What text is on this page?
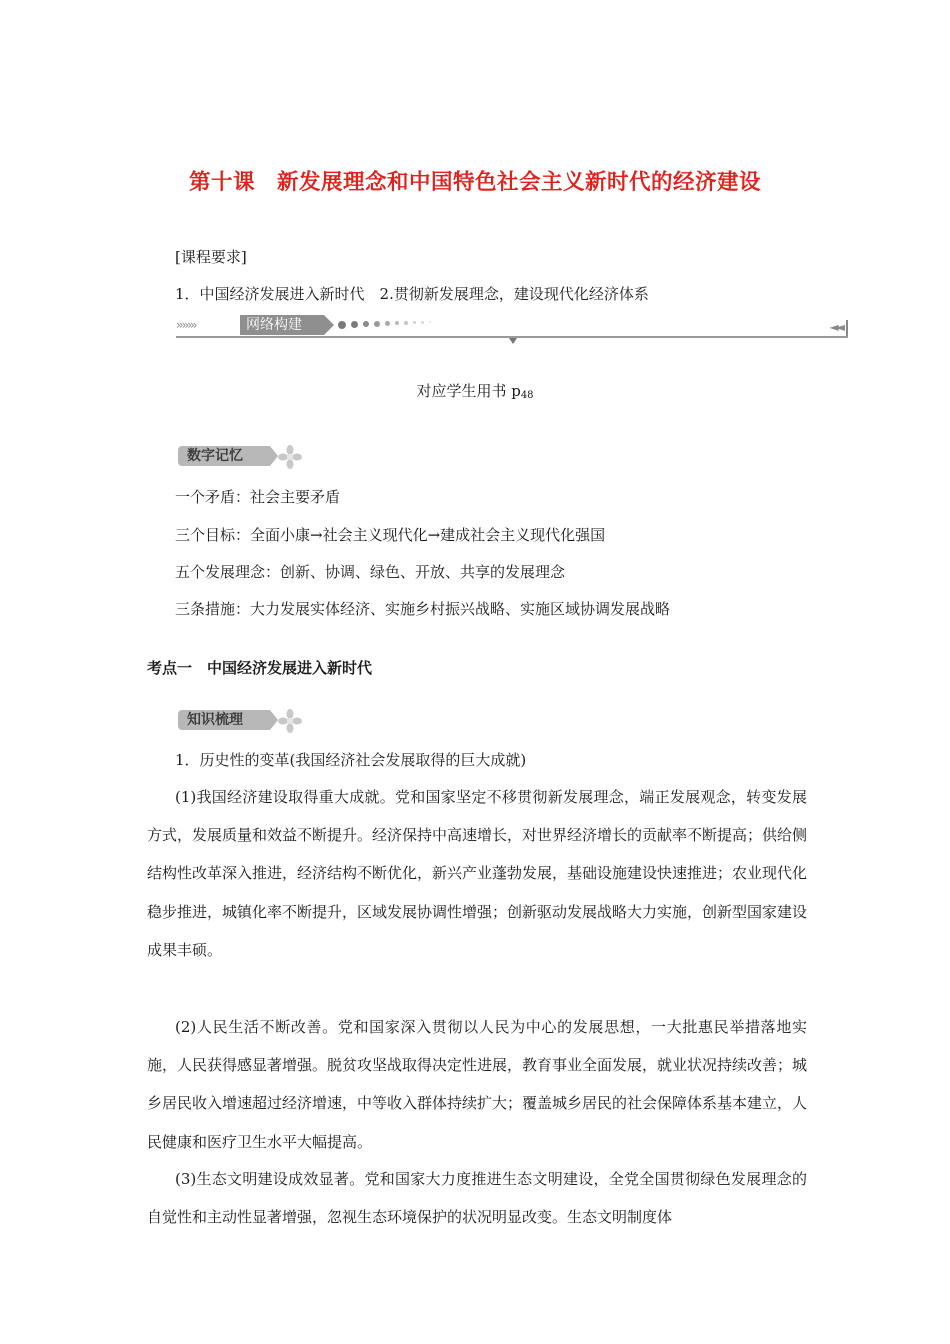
第十课　新发展理念和中国特色社会主义新时代的经济建设
[课程要求]
1．中国经济发展进入新时代　2.贯彻新发展理念，建设现代化经济体系
›››››››	网络构建	◄◄
对应学生用书 $p_{48}$
数字记忆
一个矛盾：社会主要矛盾
三个目标：全面小康→社会主义现代化→建成社会主义现代化强国
五个发展理念：创新、协调、绿色、开放、共享的发展理念
三条措施：大力发展实体经济、实施乡村振兴战略、实施区域协调发展战略
考点一　中国经济发展进入新时代
知识梳理
1．历史性的变革(我国经济社会发展取得的巨大成就)
(1)我国经济建设取得重大成就。党和国家坚定不移贯彻新发展理念，端正发展观念，转变发展方式，发展质量和效益不断提升。经济保持中高速增长，对世界经济增长的贡献率不断提高；供给侧结构性改革深入推进，经济结构不断优化，新兴产业蓬勃发展，基础设施建设快速推进；农业现代化稳步推进，城镇化率不断提升，区域发展协调性增强；创新驱动发展战略大力实施，创新型国家建设成果丰硕。
(2)人民生活不断改善。党和国家深入贯彻以人民为中心的发展思想，一大批惠民举措落地实施，人民获得感显著增强。脱贫攻坚战取得决定性进展，教育事业全面发展，就业状况持续改善；城乡居民收入增速超过经济增速，中等收入群体持续扩大；覆盖城乡居民的社会保障体系基本建立，人民健康和医疗卫生水平大幅提高。
(3)生态文明建设成效显著。党和国家大力度推进生态文明建设，全党全国贯彻绿色发展理念的自觉性和主动性显著增强，忽视生态环境保护的状况明显改变。生态文明制度体
